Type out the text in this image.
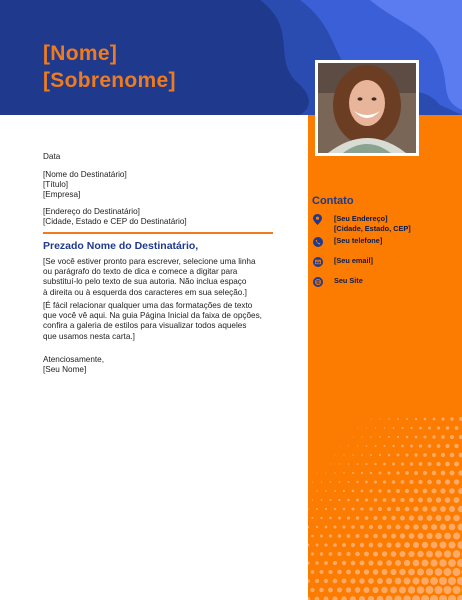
[Nome]
[Sobrenome]
Contato
[Seu Endereço]
[Cidade, Estado, CEP]
[Seu telefone]
[Seu email]
Seu Site
Data
[Nome do Destinatário]
[Título]
[Empresa]
[Endereço do Destinatário]
[Cidade, Estado e CEP do Destinatário]
Prezado Nome do Destinatário,
[Se você estiver pronto para escrever, selecione uma linha
ou parágrafo do texto de dica e comece a digitar para
substituí-lo pelo texto de sua autoria. Não inclua espaço
à direita ou à esquerda dos caracteres em sua seleção.]
[É fácil relacionar qualquer uma das formatações de texto
que você vê aqui. Na guia Página Inicial da faixa de opções,
confira a galeria de estilos para visualizar todos aqueles
que usamos nesta carta.]
Atenciosamente,
[Seu Nome]
